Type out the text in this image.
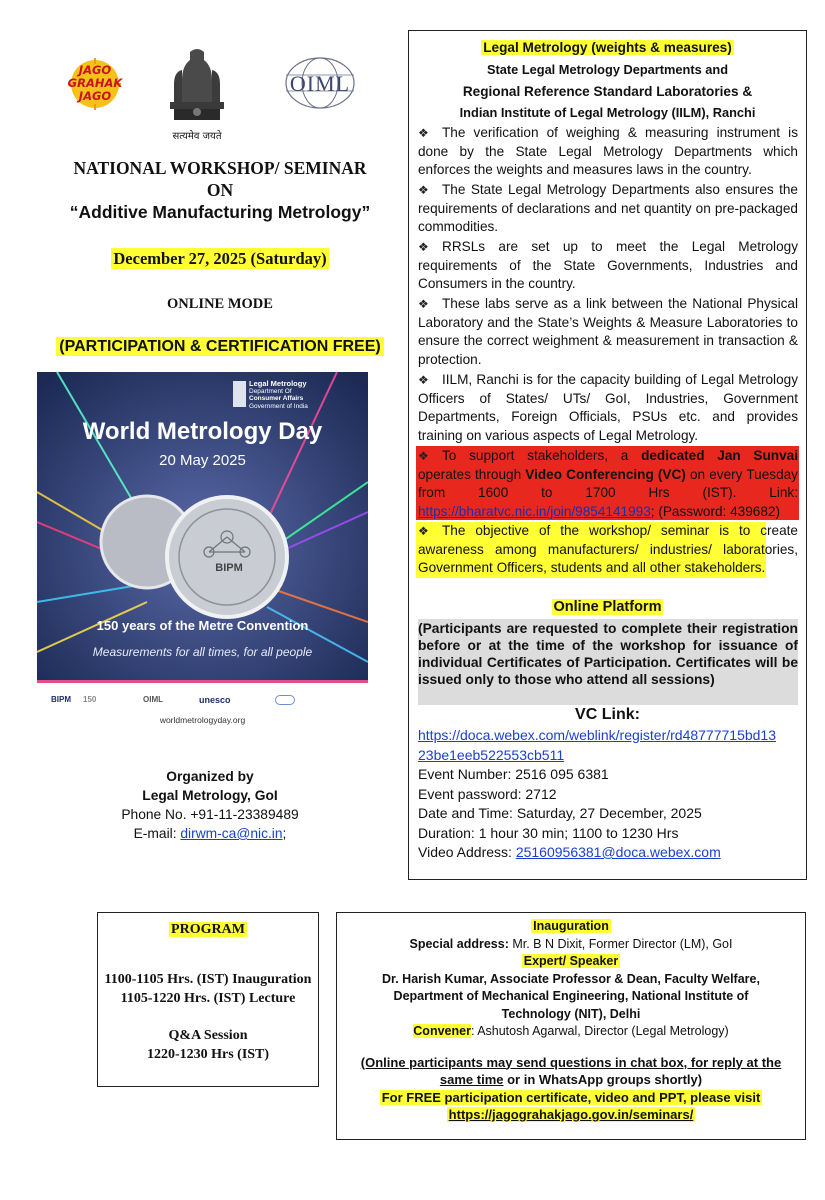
JAGO GRAHAK JAGO
सत्यमेव जयते
OIML
NATIONAL WORKSHOP/ SEMINAR
ON
“Additive Manufacturing Metrology”
December 27, 2025 (Saturday)
ONLINE MODE
(PARTICIPATION & CERTIFICATION FREE)
Legal Metrology
Department Of
Consumer Affairs
Government of India
World Metrology Day
20 May 2025
BIPM
150 years of the Metre Convention
Measurements for all times, for all people
BIPM 150	OIML	unesco
worldmetrologyday.org
Organized by
Legal Metrology, GoI
Phone No. +91-11-23389489
E-mail: dirwm-ca@nic.in;
Legal Metrology (weights & measures)
State Legal Metrology Departments and
Regional Reference Standard Laboratories &
Indian Institute of Legal Metrology (IILM), Ranchi
❖ The verification of weighing & measuring instrument is done by the State Legal Metrology Departments which enforces the weights and measures laws in the country.
❖ The State Legal Metrology Departments also ensures the requirements of declarations and net quantity on pre-packaged commodities.
❖ RRSLs are set up to meet the Legal Metrology requirements of the State Governments, Industries and Consumers in the country.
❖ These labs serve as a link between the National Physical Laboratory and the State’s Weights & Measure Laboratories to ensure the correct weighment & measurement in transaction & protection.
❖ IILM, Ranchi is for the capacity building of Legal Metrology Officers of States/ UTs/ GoI, Industries, Government Departments, Foreign Officials, PSUs etc. and provides training on various aspects of Legal Metrology.
❖ To support stakeholders, a dedicated Jan Sunvai operates through Video Conferencing (VC) on every Tuesday from 1600 to 1700 Hrs (IST). Link: https://bharatvc.nic.in/join/9854141993; (Password: 439682)
❖ The objective of the workshop/ seminar is to create awareness among manufacturers/ industries/ laboratories, Government Officers, students and all other stakeholders.
Online Platform
(Participants are requested to complete their registration before or at the time of the workshop for issuance of individual Certificates of Participation. Certificates will be issued only to those who attend all sessions)
VC Link:
https://doca.webex.com/weblink/register/rd48777715bd13
23be1eeb522553cb511
Event Number: 2516 095 6381
Event password: 2712
Date and Time: Saturday, 27 December, 2025
Duration: 1 hour 30 min; 1100 to 1230 Hrs
Video Address: 25160956381@doca.webex.com
PROGRAM
1100-1105 Hrs. (IST) Inauguration
1105-1220 Hrs. (IST) Lecture
Q&A Session
1220-1230 Hrs (IST)
Inauguration
Special address: Mr. B N Dixit, Former Director (LM), GoI
Expert/ Speaker
Dr. Harish Kumar, Associate Professor & Dean, Faculty Welfare,
Department of Mechanical Engineering, National Institute of
Technology (NIT), Delhi
Convener: Ashutosh Agarwal, Director (Legal Metrology)
(Online participants may send questions in chat box, for reply at the
same time or in WhatsApp groups shortly)
For FREE participation certificate, video and PPT, please visit
https://jagograhakjago.gov.in/seminars/
